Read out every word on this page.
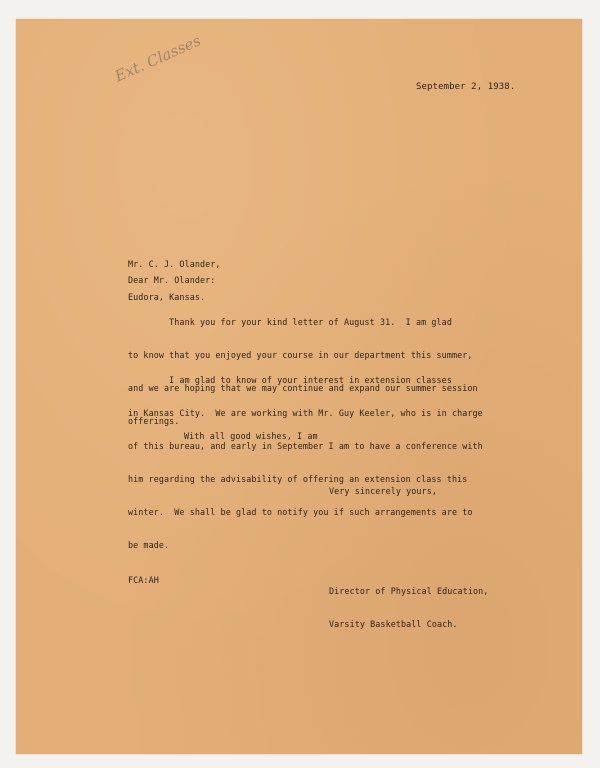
Ext. Classes
September 2, 1938.

Mr. C. J. Olander,

Eudora, Kansas.

Dear Mr. Olander:

Thank you for your kind letter of August 31.  I am glad

to know that you enjoyed your course in our department this summer,

and we are hoping that we may continue and expand our summer session

offerings.

I am glad to know of your interest in extension classes

in Kansas City.  We are working with Mr. Guy Keeler, who is in charge

of this bureau, and early in September I am to have a conference with

him regarding the advisability of offering an extension class this

winter.  We shall be glad to notify you if such arrangements are to

be made.

With all good wishes, I am
Very sincerely yours,

Director of Physical Education,

Varsity Basketball Coach.

FCA:AH
